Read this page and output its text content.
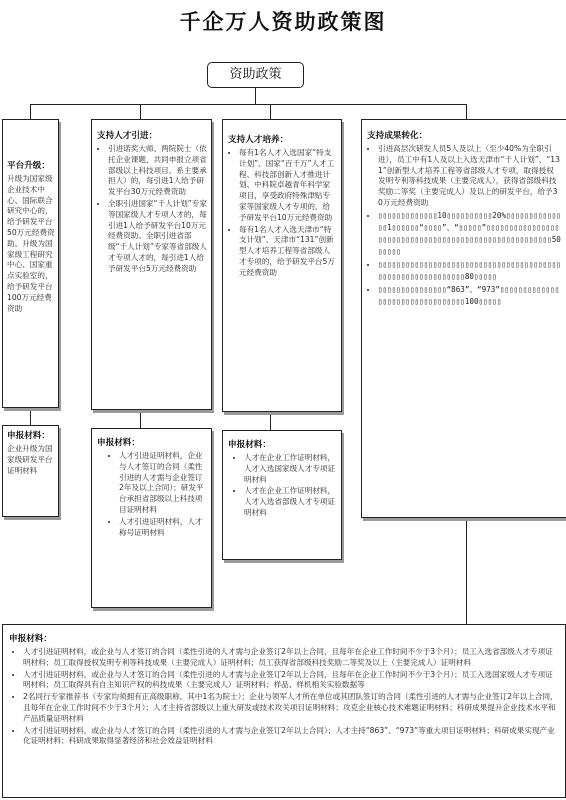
千企万人资助政策图
资助政策
平台升级：
升级为国家级企业技术中心、国际联合研究中心的，给予研发平台50万元经费资助。升级为国家级工程研究中心、国家重点实验室的，给予研发平台100万元经费资助
申报材料：
企业升级为国家级研发平台证明材料
支持人才引进：
• 引进诺奖大师、两院院士（依托企业课题，共同申报立项省部级以上科技项目，系主要承担人）的，每引进1人给予研发平台30万元经费资助
• 全职引进国家“千人计划”专家等国家级人才专项人才的，每引进1人给予研发平台10万元经费资助。全职引进省部级“千人计划”专家等省部级人才专项人才的，每引进1人给予研发平台5万元经费资助
申报材料：
• 人才引进证明材料，企业与人才签订的合同（柔性引进的人才需与企业签订2年及以上合同）；研发平台承担省部级以上科技项目证明材料
• 人才引进证明材料，人才称号证明材料
支持人才培养：
• 每有1名人才入选国家“特支计划”、国家“百千万”人才工程、科技部创新人才推进计划、中科院卓越青年科学家项目，享受政府特殊津贴专家等国家级人才专项的，给予研发平台10万元经费资助
• 每有1名人才入选天津市“特支计划”、天津市“131”创新型人才培养工程等省部级人才专项的，给予研发平台5万元经费资助
申报材料：
• 人才在企业工作证明材料，人才入选国家级人才专项证明材料
• 人才在企业工作证明材料，人才入选省部级人才专项证明材料
支持成果转化：
• 引进高层次研发人员5人及以上（至少40%为全职引进），员工中有1人及以上入选天津市“千人计划”、“131”创新型人才培养工程等省部级人才专项，取得授权发明专利等科技成果（主要完成人），获得省部级科技奖励二等奖（主要完成人）及以上的研发平台，给予30万元经费资助
• ▯▯▯▯▯▯▯▯▯▯▯▯▯10▯▯▯▯▯▯▯▯▯▯20%▯▯▯▯▯▯▯▯▯▯▯▯▯▯1▯▯▯▯▯▯“▯▯▯▯”、“▯▯▯▯▯”▯▯▯▯▯▯▯▯▯▯▯▯▯▯▯▯▯▯▯▯▯▯▯▯▯▯▯▯▯▯▯▯▯▯▯▯▯▯▯▯▯▯▯▯▯▯▯▯▯▯▯▯▯▯50▯▯▯▯▯
• ▯▯▯▯▯▯▯▯▯▯▯▯▯▯▯▯▯▯▯▯▯▯▯▯▯▯▯▯▯▯▯▯▯▯▯▯▯▯▯▯▯▯▯▯▯▯▯▯▯▯▯▯▯▯▯▯▯▯▯80▯▯▯▯▯
• ▯▯▯▯▯▯▯▯▯▯▯▯▯▯▯“863”、“973”▯▯▯▯▯▯▯▯▯▯▯▯▯▯▯▯▯▯▯▯▯▯▯▯▯▯▯▯▯▯▯▯100▯▯▯▯▯
申报材料：
• 人才引进证明材料，或企业与人才签订的合同（柔性引进的人才需与企业签订2年以上合同，且每年在企业工作时间不少于3个月）；员工入选省部级人才专项证明材料；员工取得授权发明专利等科技成果（主要完成人）证明材料；员工获得省部级科技奖励二等奖及以上（主要完成人）证明材料
• 人才引进证明材料，或企业与人才签订的合同（柔性引进的人才需与企业签订2年以上合同，且每年在企业工作时间不少于3个月）；员工入选国家级人才专项证明材料；员工取得具有自主知识产权的科技成果（主要完成人）证明材料；样品、样机相关实验数据等
• 2名同行专家推荐书（专家均须拥有正高级职称，其中1名为院士）；企业与领军人才所在单位或其团队签订的合同（柔性引进的人才需与企业签订2年以上合同，且每年在企业工作时间不少于3个月）；人才主持省部级以上重大研发或技术攻关项目证明材料；攻克企业核心技术难题证明材料；科研成果提升企业技术水平和产品质量证明材料
• 人才引进证明材料，或企业与人才签订的合同（柔性引进的人才需与企业签订2年以上合同）；人才主持“863”、“973”等重大项目证明材料；科研成果实现产业化证明材料；科研成果取得显著经济和社会效益证明材料
